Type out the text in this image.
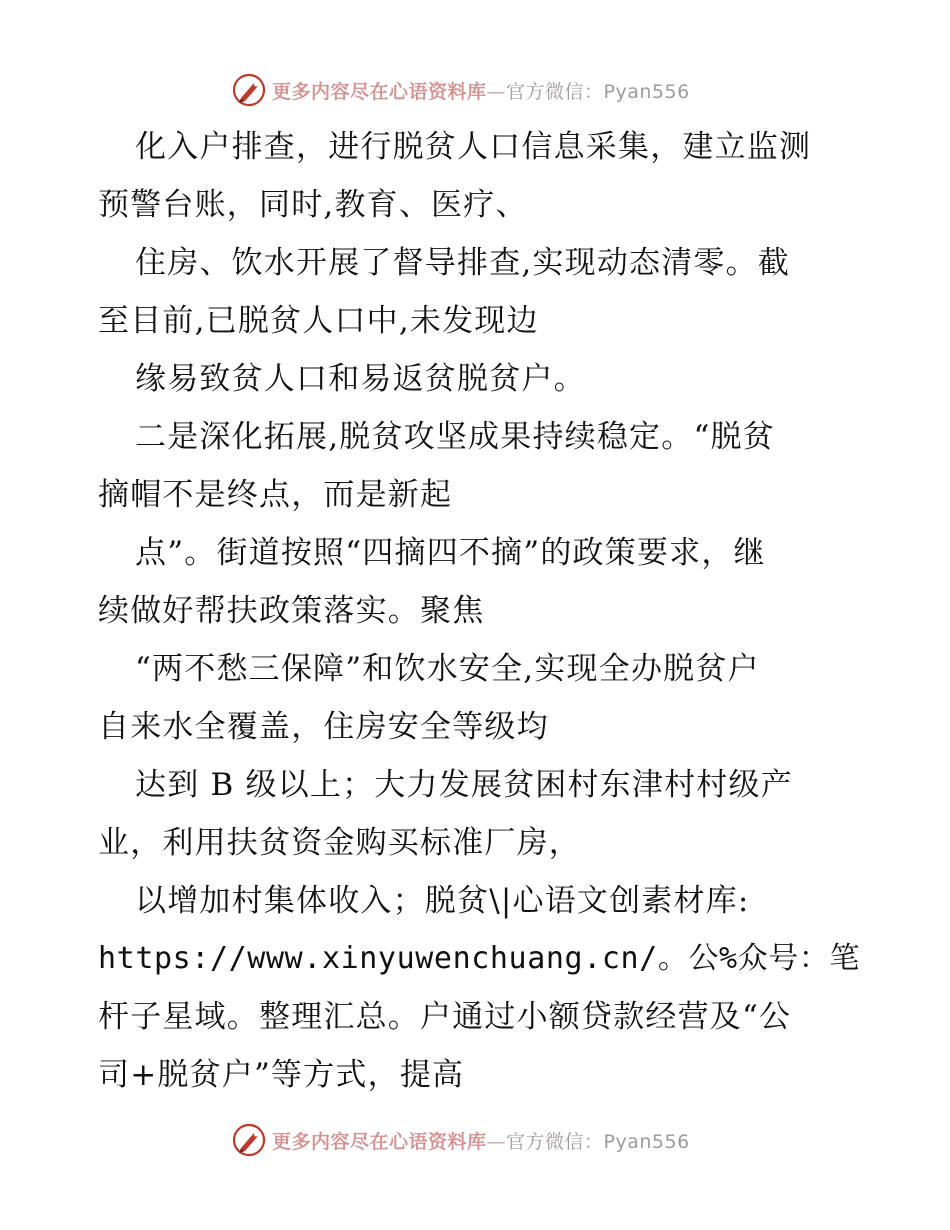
更多内容尽在心语资料库—官方微信：Pyan556
化入户排查，进行脱贫人口信息采集，建立监测
预警台账，同时,教育、医疗、
住房、饮水开展了督导排查,实现动态清零。截
至目前,已脱贫人口中,未发现边
缘易致贫人口和易返贫脱贫户。
二是深化拓展,脱贫攻坚成果持续稳定。“脱贫
摘帽不是终点，而是新起
点”。街道按照“四摘四不摘”的政策要求，继
续做好帮扶政策落实。聚焦
“两不愁三保障”和饮水安全,实现全办脱贫户
自来水全覆盖，住房安全等级均
达到 B 级以上；大力发展贫困村东津村村级产
业，利用扶贫资金购买标准厂房，
以增加村集体收入；脱贫\|心语文创素材库:
https://www.xinyuwenchuang.cn/。公%众号：笔
杆子星域。整理汇总。户通过小额贷款经营及“公
司+脱贫户”等方式，提高
更多内容尽在心语资料库—官方微信：Pyan556
